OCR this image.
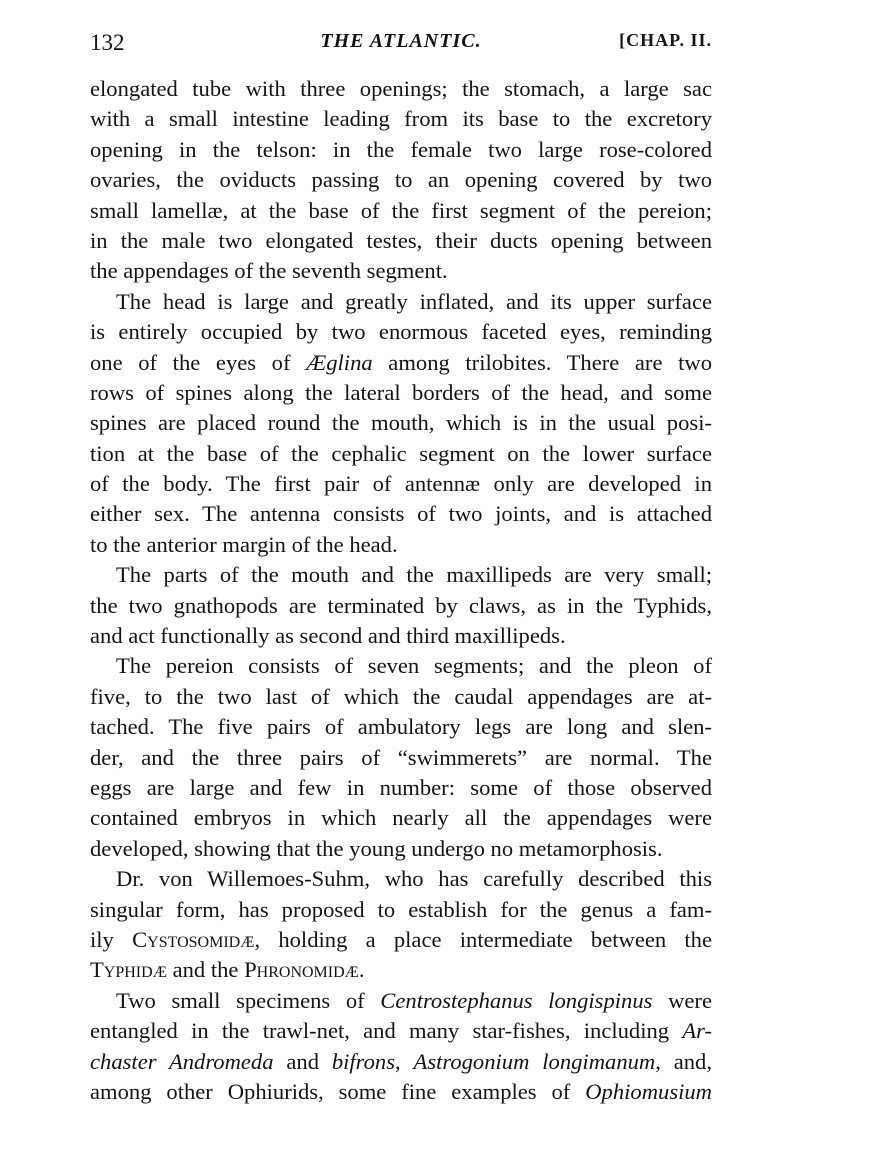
132	THE ATLANTIC.	[CHAP. II.

elongated tube with three openings; the stomach, a large sac
with a small intestine leading from its base to the excretory
opening in the telson: in the female two large rose-colored
ovaries, the oviducts passing to an opening covered by two
small lamellæ, at the base of the first segment of the pereion;
in the male two elongated testes, their ducts opening between
the appendages of the seventh segment.

The head is large and greatly inflated, and its upper surface
is entirely occupied by two enormous faceted eyes, reminding
one of the eyes of Æglina among trilobites. There are two
rows of spines along the lateral borders of the head, and some
spines are placed round the mouth, which is in the usual posi-
tion at the base of the cephalic segment on the lower surface
of the body. The first pair of antennæ only are developed in
either sex. The antenna consists of two joints, and is attached
to the anterior margin of the head.

The parts of the mouth and the maxillipeds are very small;
the two gnathopods are terminated by claws, as in the Typhids,
and act functionally as second and third maxillipeds.

The pereion consists of seven segments; and the pleon of
five, to the two last of which the caudal appendages are at-
tached. The five pairs of ambulatory legs are long and slen-
der, and the three pairs of “swimmerets” are normal. The
eggs are large and few in number: some of those observed
contained embryos in which nearly all the appendages were
developed, showing that the young undergo no metamorphosis.

Dr. von Willemoes-Suhm, who has carefully described this
singular form, has proposed to establish for the genus a fam-
ily Cystosomidæ, holding a place intermediate between the
Typhidæ and the Phronomidæ.

Two small specimens of Centrostephanus longispinus were
entangled in the trawl-net, and many star-fishes, including Ar-
chaster Andromeda and bifrons, Astrogonium longimanum, and,
among other Ophiurids, some fine examples of Ophiomusium
